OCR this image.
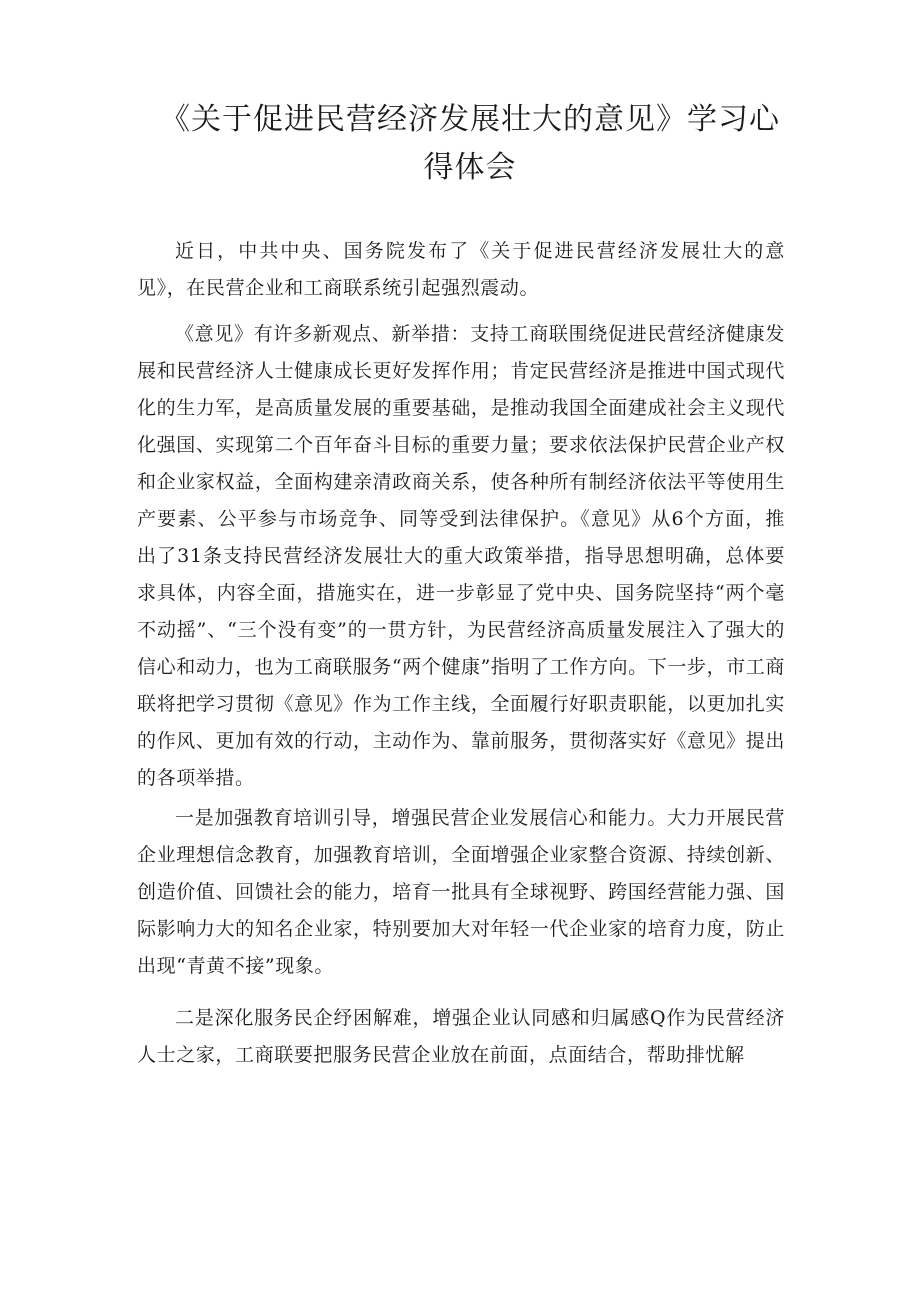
《关于促进民营经济发展壮大的意见》学习心得体会

近日，中共中央、国务院发布了《关于促进民营经济发展壮大的意见》，在民营企业和工商联系统引起强烈震动。

《意见》有许多新观点、新举措：支持工商联围绕促进民营经济健康发展和民营经济人士健康成长更好发挥作用；肯定民营经济是推进中国式现代化的生力军，是高质量发展的重要基础，是推动我国全面建成社会主义现代化强国、实现第二个百年奋斗目标的重要力量；要求依法保护民营企业产权和企业家权益，全面构建亲清政商关系，使各种所有制经济依法平等使用生产要素、公平参与市场竞争、同等受到法律保护。《意见》从6个方面，推出了31条支持民营经济发展壮大的重大政策举措，指导思想明确，总体要求具体，内容全面，措施实在，进一步彰显了党中央、国务院坚持“两个毫不动摇”、“三个没有变”的一贯方针，为民营经济高质量发展注入了强大的信心和动力，也为工商联服务“两个健康”指明了工作方向。下一步，市工商联将把学习贯彻《意见》作为工作主线，全面履行好职责职能，以更加扎实的作风、更加有效的行动，主动作为、靠前服务，贯彻落实好《意见》提出的各项举措。

一是加强教育培训引导，增强民营企业发展信心和能力。大力开展民营企业理想信念教育，加强教育培训，全面增强企业家整合资源、持续创新、创造价值、回馈社会的能力，培育一批具有全球视野、跨国经营能力强、国际影响力大的知名企业家，特别要加大对年轻一代企业家的培育力度，防止出现“青黄不接”现象。

二是深化服务民企纾困解难，增强企业认同感和归属感Q作为民营经济人士之家，工商联要把服务民营企业放在前面，点面结合，帮助排忧解
